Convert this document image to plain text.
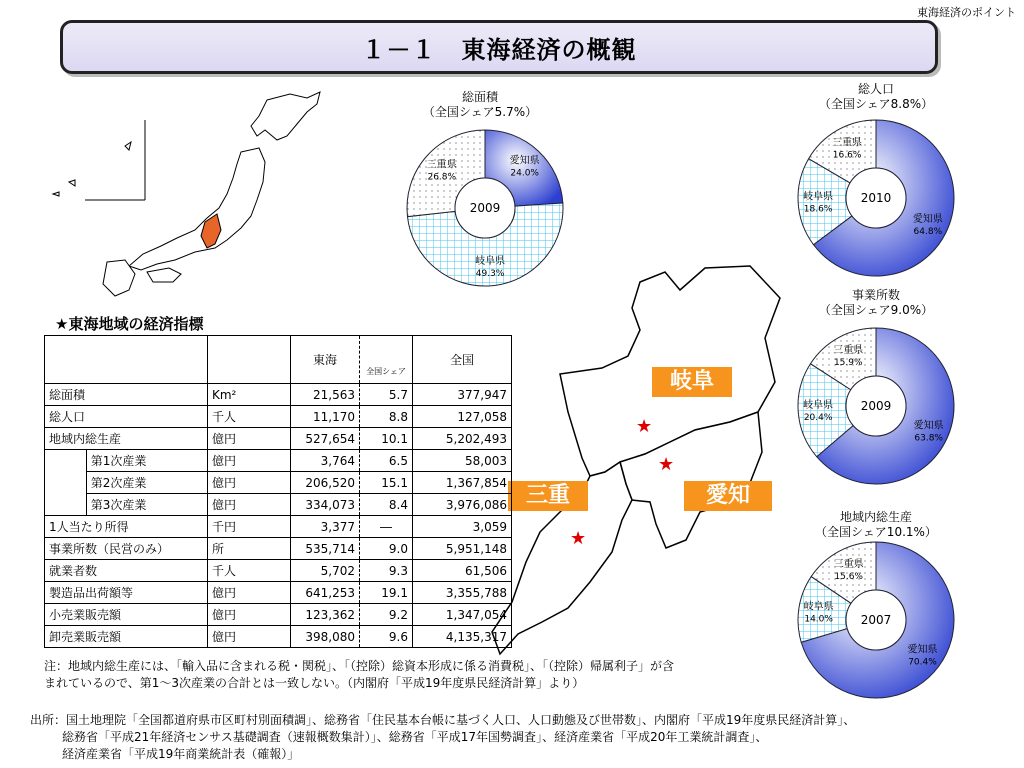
東海経済のポイント
１－１　東海経済の概観
総面積
（全国シェア5.7%）
愛知県
24.0%
岐阜県
49.3%
三重県
26.8%
2009
総人口
（全国シェア8.8%）
愛知県
64.8%
岐阜県
18.6%
三重県
16.6%
2010
事業所数
（全国シェア9.0%）
愛知県
63.8%
岐阜県
20.4%
三重県
15.9%
2009
地域内総生産
（全国シェア10.1%）
愛知県
70.4%
岐阜県
14.0%
三重県
15.6%
2007
★
★
★
岐阜
三重	愛知
★東海地域の経済指標
			東海	全国シェア	全国
総面積		Km²	21,563	5.7	377,947
総人口		千人	11,170	8.8	127,058
地域内総生産		億円	527,654	10.1	5,202,493
	第1次産業	億円	3,764	6.5	58,003
	第2次産業	億円	206,520	15.1	1,367,854
	第3次産業	億円	334,073	8.4	3,976,086
1人当たり所得		千円	3,377	―	3,059
事業所数（民営のみ）		所	535,714	9.0	5,951,148
就業者数		千人	5,702	9.3	61,506
製造品出荷額等		億円	641,253	19.1	3,355,788
小売業販売額		億円	123,362	9.2	1,347,054
卸売業販売額		億円	398,080	9.6	4,135,317
注：地域内総生産には、「輸入品に含まれる税・関税」、「（控除）総資本形成に係る消費税」、「（控除）帰属利子」が含
まれているので、第1～3次産業の合計とは一致しない。（内閣府「平成19年度県民経済計算」より）
出所：国土地理院「全国都道府県市区町村別面積調」、総務省「住民基本台帳に基づく人口、人口動態及び世帯数」、内閣府「平成19年度県民経済計算」、
総務省「平成21年経済センサス基礎調査（速報概数集計）」、総務省「平成17年国勢調査」、経済産業省「平成20年工業統計調査」、
経済産業省「平成19年商業統計表（確報）」
